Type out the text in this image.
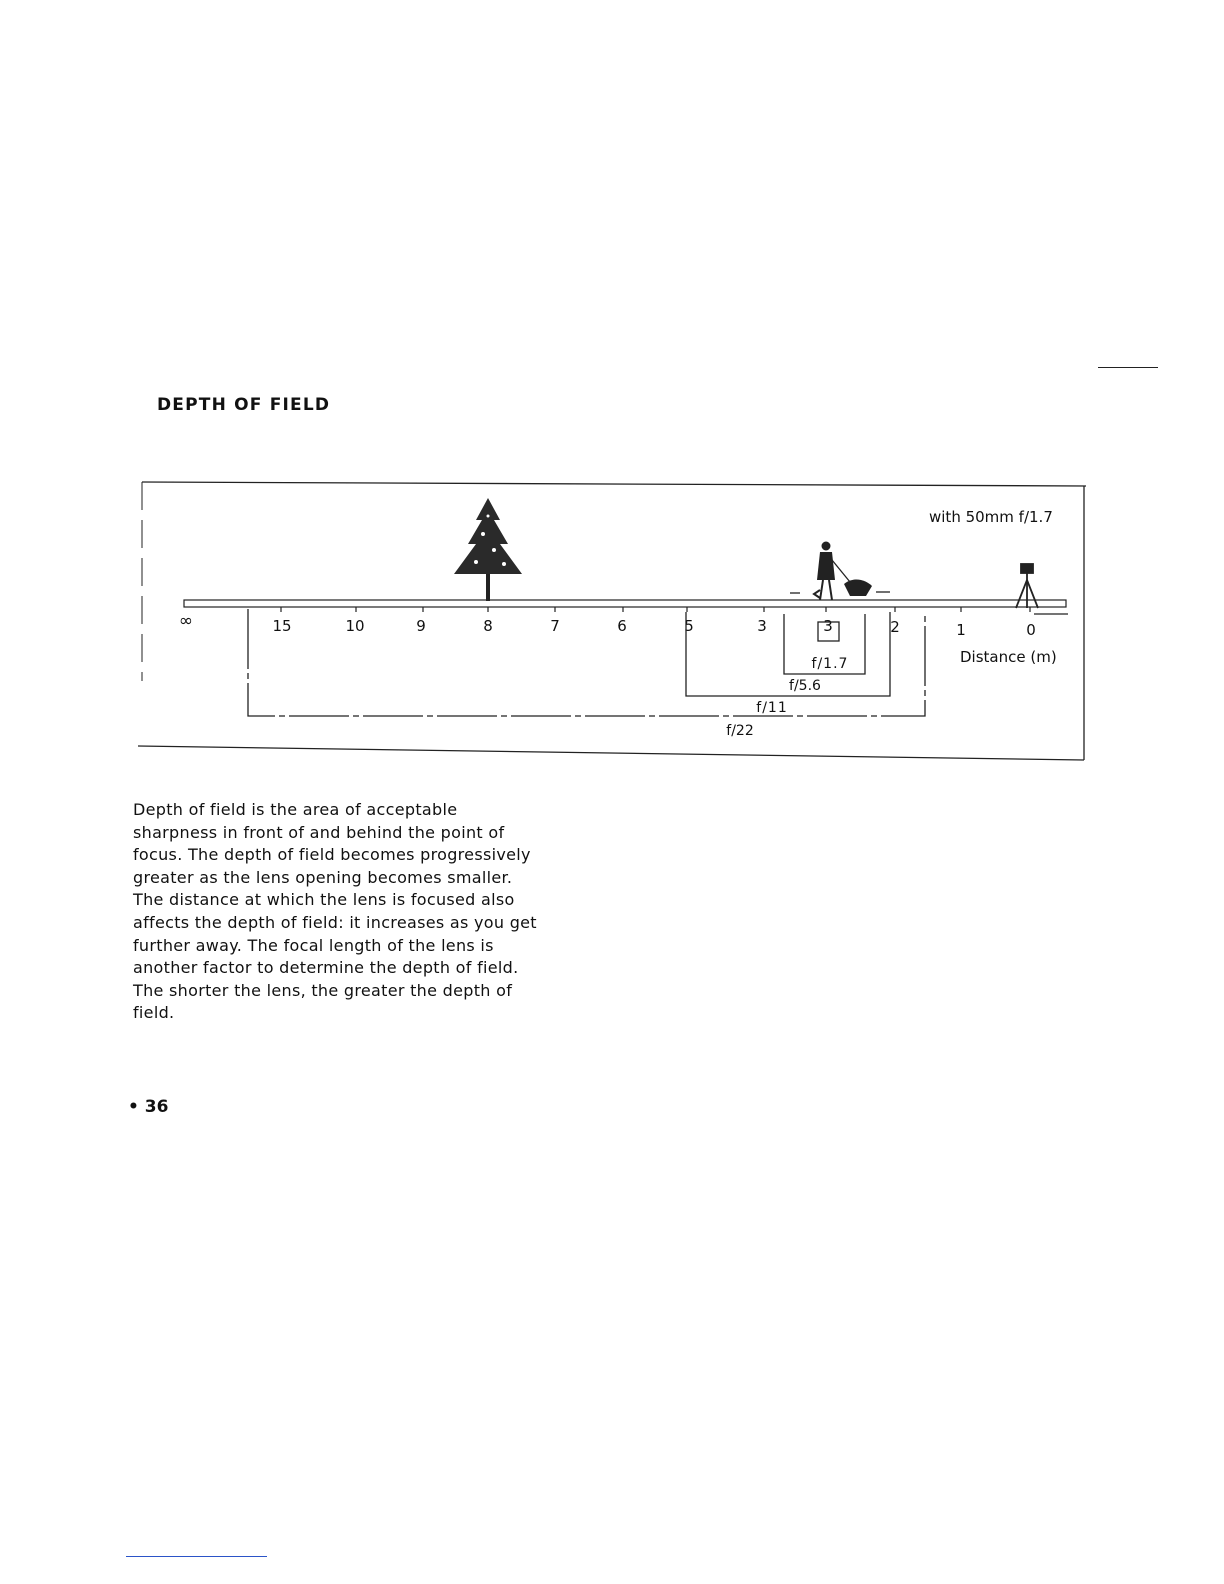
DEPTH OF FIELD
∞	15	10	9	8	7	6	5	3	3	2	1	0
f/1.7
f/5.6
f/11
f/22
with 50mm f/1.7
Distance (m)

Depth of field is the area of acceptable
sharpness in front of and behind the point of
focus. The depth of field becomes progressively
greater as the lens opening becomes smaller.
The distance at which the lens is focused also
affects the depth of field: it increases as you get
further away. The focal length of the lens is
another factor to determine the depth of field.
The shorter the lens, the greater the depth of
field.

• 36
